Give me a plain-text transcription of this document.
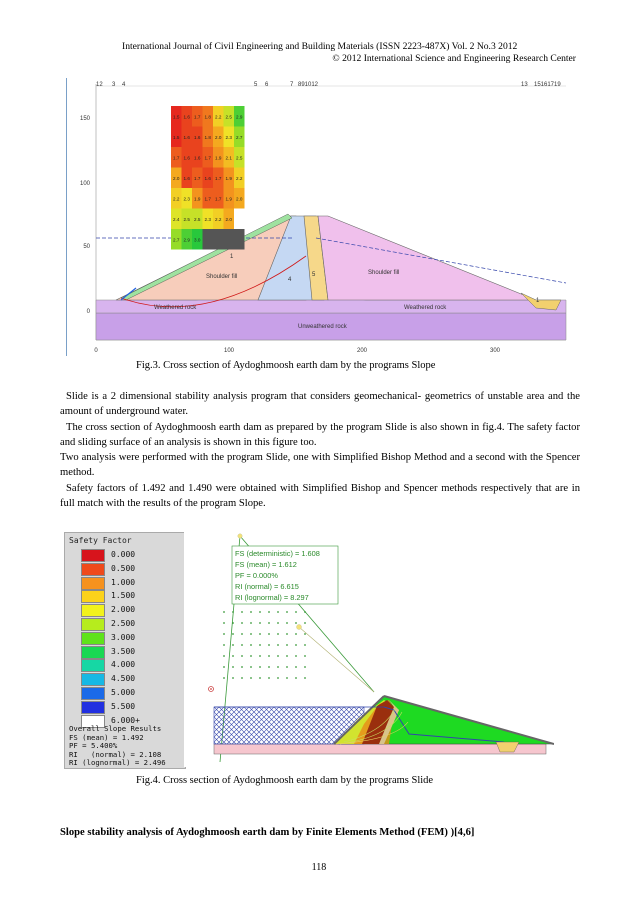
International Journal of Civil Engineering and Building Materials (ISSN 2223-487X) Vol. 2 No.3 2012
© 2012 International Science and Engineering Research Center
1.5 1.6 1.7 1.8 2.2 2.5 2.9
1.5 1.6 1.6 1.8 2.0 2.3 2.7
1.7 1.6 1.6 1.7 1.9 2.1 2.5
2.0 1.6 1.7 1.6 1.7 1.9 2.2
2.2 2.3 1.9 1.7 1.7 1.9 2.0
2.4 2.5 2.5 2.3 2.2 2.0
2.7 2.9 3.0
0	100	200	300
150
100
50
0
12 3 4	5 6	7 891012	13 15161719
Shoulder fill
Shoulder fill
4
5
Weathered rock	Weathered rock
Unweathered rock
1
1
Fig.3. Cross section of Aydoghmoosh earth dam by the programs Slope

Slide is a 2 dimensional stability analysis program that considers geomechanical- geometrics of unstable area and the amount of underground water.

The cross section of Aydoghmoosh earth dam as prepared by the program Slide is also shown in fig.4. The safety factor and sliding surface of an analysis is shown in this figure too.

Two analysis were performed with the program Slide, one with Simplified Bishop Method and a second with the Spencer method.

Safety factors of 1.492 and 1.490 were obtained with Simplified Bishop and Spencer methods respectively that are in full match with the results of the program Slope.

Safety Factor
0.000
0.500
1.000
1.500
2.000
2.500
3.000
3.500
4.000
4.500
5.000
5.500
6.000+
Overall Slope Results
FS (mean) = 1.492
PF = 5.400%
RI   (normal) = 2.108
RI (lognormal) = 2.496
FS (deterministic) = 1.608
FS (mean) = 1.612
PF = 0.000%
RI (normal) = 6.615
RI (lognormal) = 8.297
Fig.4. Cross section of Aydoghmoosh earth dam by the programs Slide
Slope stability analysis of Aydoghmoosh earth dam by Finite Elements Method (FEM) )[4,6]
118
